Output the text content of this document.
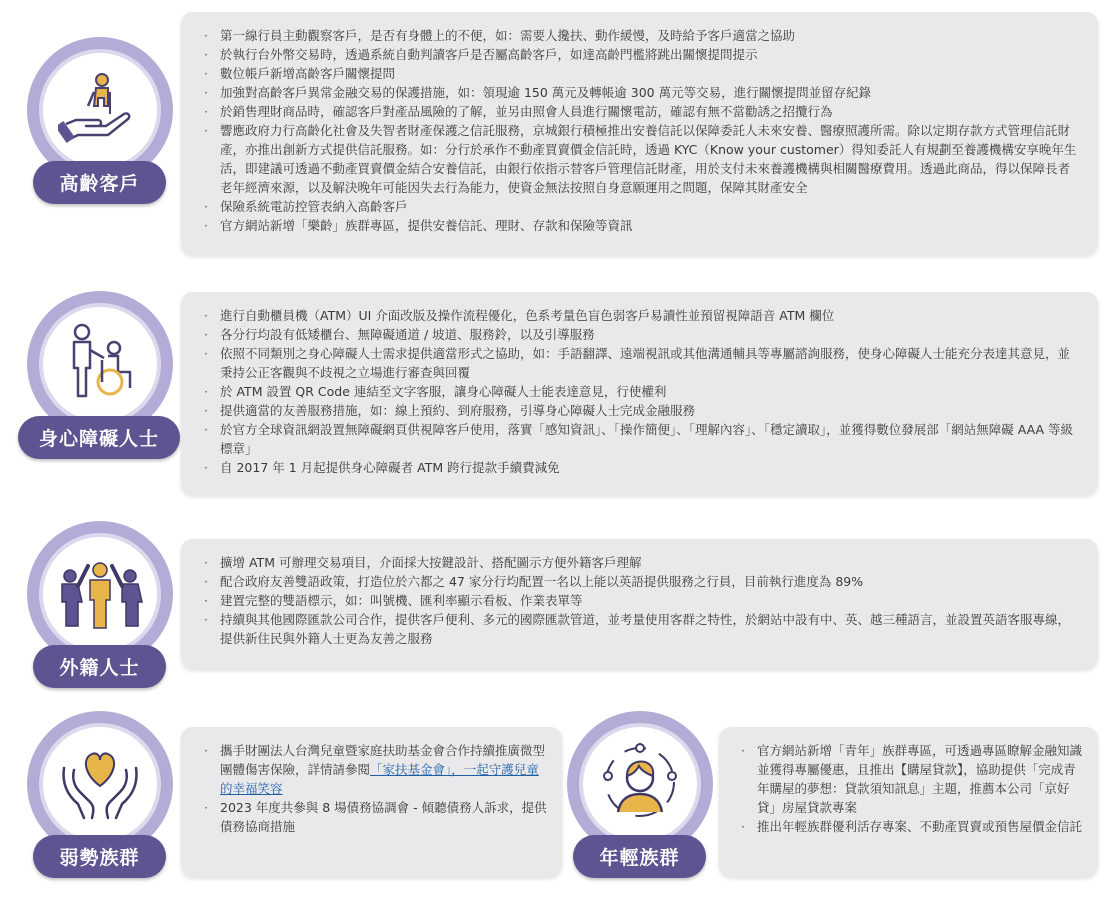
高齡客戶
· 第一線行員主動觀察客戶，是否有身體上的不便，如：需要人攙扶、動作緩慢，及時給予客戶適當之協助
· 於執行台外幣交易時，透過系統自動判讀客戶是否屬高齡客戶，如達高齡門檻將跳出關懷提問提示
· 數位帳戶新增高齡客戶關懷提問
· 加強對高齡客戶異常金融交易的保護措施，如：領現逾 150 萬元及轉帳逾 300 萬元等交易，進行關懷提問並留存紀錄
· 於銷售理財商品時，確認客戶對產品風險的了解，並另由照會人員進行關懷電訪，確認有無不當勸誘之招攬行為
· 響應政府力行高齡化社會及失智者財產保護之信託服務，京城銀行積極推出安養信託以保障委託人未來安養、醫療照護所需。除以定期存款方式管理信託財產，亦推出創新方式提供信託服務。如：分行於承作不動產買賣價金信託時，透過 KYC（Know your customer）得知委託人有規劃至養護機構安享晚年生活，即建議可透過不動產買賣價金結合安養信託，由銀行依指示替客戶管理信託財產，用於支付未來養護機構與相關醫療費用。透過此商品，得以保障長者老年經濟來源，以及解決晚年可能因失去行為能力，使資金無法按照自身意願運用之問題，保障其財產安全
· 保險系統電訪控管表納入高齡客戶
· 官方網站新增「樂齡」族群專區，提供安養信託、理財、存款和保險等資訊
身心障礙人士
· 進行自動櫃員機（ATM）UI 介面改版及操作流程優化，色系考量色盲色弱客戶易讀性並預留視障語音 ATM 欄位
· 各分行均設有低矮櫃台、無障礙通道 / 坡道、服務鈴，以及引導服務
· 依照不同類別之身心障礙人士需求提供適當形式之協助，如：手語翻譯、遠端視訊或其他溝通輔具等專屬諮詢服務，使身心障礙人士能充分表達其意見，並秉持公正客觀與不歧視之立場進行審查與回覆
· 於 ATM 設置 QR Code 連結至文字客服，讓身心障礙人士能表達意見，行使權利
· 提供適當的友善服務措施，如：線上預約、到府服務，引導身心障礙人士完成金融服務
· 於官方全球資訊網設置無障礙網頁供視障客戶使用，落實「感知資訊」、「操作簡便」、「理解內容」、「穩定讀取」，並獲得數位發展部「網站無障礙 AAA 等級標章」
· 自 2017 年 1 月起提供身心障礙者 ATM 跨行提款手續費減免
外籍人士
· 擴增 ATM 可辦理交易項目，介面採大按鍵設計、搭配圖示方便外籍客戶理解
· 配合政府友善雙語政策，打造位於六都之 47 家分行均配置一名以上能以英語提供服務之行員，目前執行進度為 89%
· 建置完整的雙語標示，如：叫號機、匯利率顯示看板、作業表單等
· 持續與其他國際匯款公司合作，提供客戶便利、多元的國際匯款管道，並考量使用客群之特性，於網站中設有中、英、越三種語言，並設置英語客服專線，提供新住民與外籍人士更為友善之服務
弱勢族群
· 攜手財團法人台灣兒童暨家庭扶助基金會合作持續推廣微型團體傷害保險，詳情請參閱「家扶基金會」，一起守護兒童的幸福笑容
· 2023 年度共參與 8 場債務協調會 - 傾聽債務人訴求，提供債務協商措施
年輕族群
· 官方網站新增「青年」族群專區，可透過專區瞭解金融知識並獲得專屬優惠，且推出【購屋貸款】，協助提供「完成青年購屋的夢想：貸款須知訊息」主題，推薦本公司「京好貸」房屋貸款專案
· 推出年輕族群優利活存專案、不動產買賣或預售屋價金信託
